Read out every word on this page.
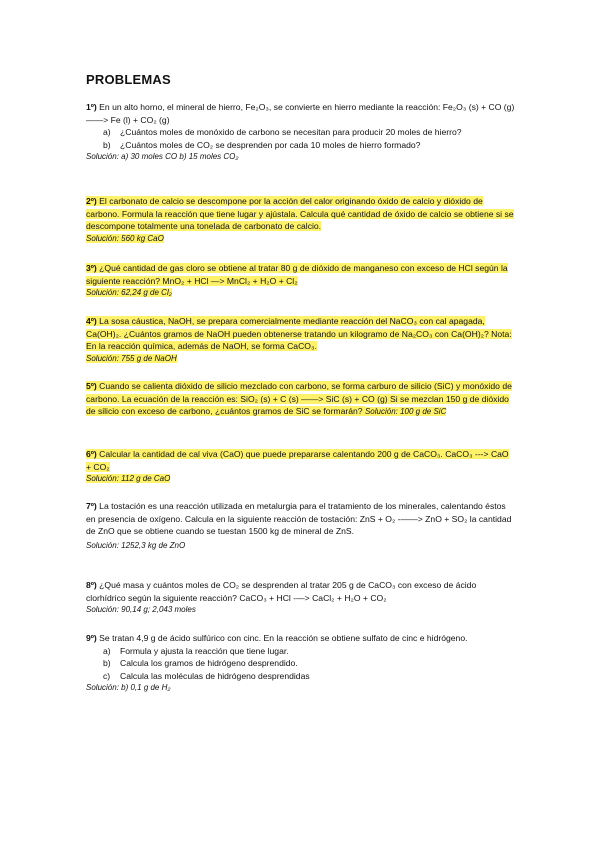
PROBLEMAS

1º) En un alto horno, el mineral de hierro, Fe₂O₃, se convierte en hierro mediante la reacción: Fe₂O₃ (s) + CO (g) ——> Fe (l) + CO₂ (g)

a) ¿Cuántos moles de monóxido de carbono se necesitan para producir 20 moles de hierro?
b) ¿Cuántos moles de CO₂ se desprenden por cada 10 moles de hierro formado?

Solución: a) 30 moles CO b) 15 moles CO₂

2º) El carbonato de calcio se descompone por la acción del calor originando óxido de calcio y dióxido de carbono. Formula la reacción que tiene lugar y ajústala. Calcula qué cantidad de óxido de calcio se obtiene si se descompone totalmente una tonelada de carbonato de calcio.

Solución: 560 kg CaO

3º) ¿Qué cantidad de gas cloro se obtiene al tratar 80 g de dióxido de manganeso con exceso de HCl según la siguiente reacción? MnO₂ + HCl —> MnCl₂ + H₂O + Cl₂

Solución: 62,24 g de Cl₂

4º) La sosa cáustica, NaOH, se prepara comercialmente mediante reacción del NaCO₃ con cal apagada, Ca(OH)₂. ¿Cuántos gramos de NaOH pueden obtenerse tratando un kilogramo de Na₂CO₃ con Ca(OH)₂? Nota: En la reacción química, además de NaOH, se forma CaCO₃.

Solución: 755 g de NaOH

5º) Cuando se calienta dióxido de silicio mezclado con carbono, se forma carburo de silicio (SiC) y monóxido de carbono. La ecuación de la reacción es: SiO₂ (s) + C (s) ——> SiC (s) + CO (g) Si se mezclan 150 g de dióxido de silicio con exceso de carbono, ¿cuántos gramos de SiC se formarán? Solución: 100 g de SiC

6º) Calcular la cantidad de cal viva (CaO) que puede prepararse calentando 200 g de CaCO₃. CaCO₃ ---> CaO + CO₂

Solución: 112 g de CaO

7º) La tostación es una reacción utilizada en metalurgia para el tratamiento de los minerales, calentando éstos en presencia de oxígeno. Calcula en la siguiente reacción de tostación: ZnS + O₂ -——> ZnO + SO₂ la cantidad de ZnO que se obtiene cuando se tuestan 1500 kg de mineral de ZnS.

Solución: 1252,3 kg de ZnO

8º) ¿Qué masa y cuántos moles de CO₂ se desprenden al tratar 205 g de CaCO₃ con exceso de ácido clorhídrico según la siguiente reacción? CaCO₃ + HCl -—> CaCl₂ + H₂O + CO₂

Solución: 90,14 g; 2,043 moles

9º) Se tratan 4,9 g de ácido sulfúrico con cinc. En la reacción se obtiene sulfato de cinc e hidrógeno.

a) Formula y ajusta la reacción que tiene lugar.
b) Calcula los gramos de hidrógeno desprendido.
c) Calcula las moléculas de hidrógeno desprendidas

Solución: b) 0,1 g de H₂
